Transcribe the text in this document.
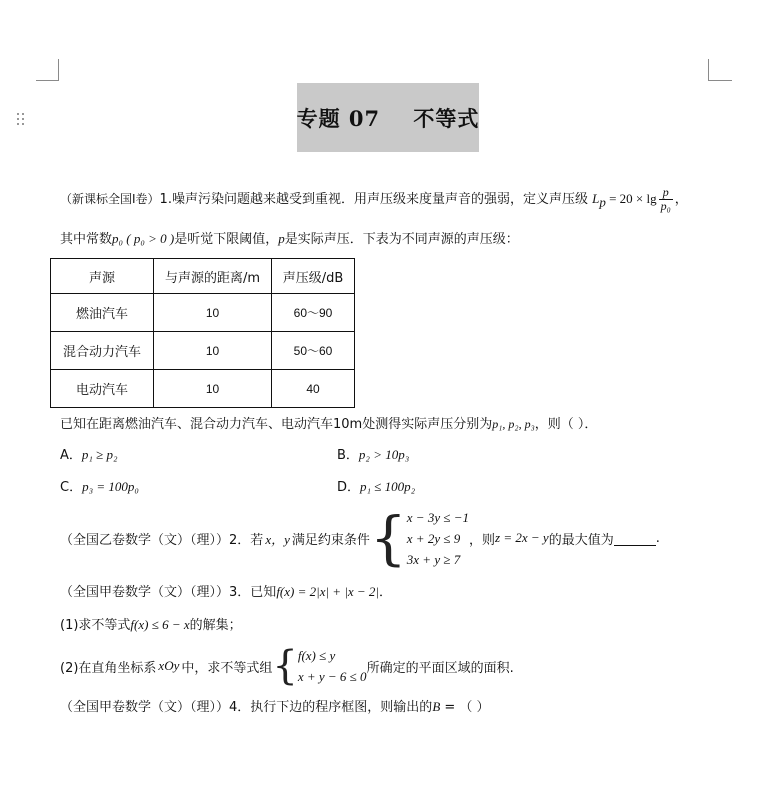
专题 07    不等式
（新课标全国Ⅰ卷）1.噪声污染问题越来越受到重视．用声压级来度量声音的强弱，定义声压级 $L_p = 20 \times \lg \frac{p}{\text{p₀}}$ ，
其中常数p₀ ( p₀ > 0 )是听觉下限阈值，p是实际声压．下表为不同声源的声压级：
声源	与声源的距离/m	声压级/dB
燃油汽车	10	60～90
混合动力汽车	10	50～60
电动汽车	10	40
已知在距离燃油汽车、混合动力汽车、电动汽车10m处测得实际声压分别为p₁, p₂, p₃，则（ ）．
A．p₁ ≥ p₂	B．p₂ > 10p₃
C．p₃ = 100p₀	D．p₁ ≤ 100p₂
（全国乙卷数学（文）（理）） 2． 若 x，y 满足约束条件 { x − 3y ≤ −1
x + 2y ≤ 9
3x + y ≥ 7
，则 z = 2x − y 的最大值为	.
（全国甲卷数学（文）（理））3．已知f(x) = 2|x| + |x − 2|．
(1)求不等式f(x) ≤ 6 − x的解集；
(2)在直角坐标系 xOy 中，求不等式组 { f(x) ≤ y
x + y − 6 ≤ 0
所确定的平面区域的面积.
（全国甲卷数学（文）（理））4．执行下边的程序框图，则输出的B = （ ）
